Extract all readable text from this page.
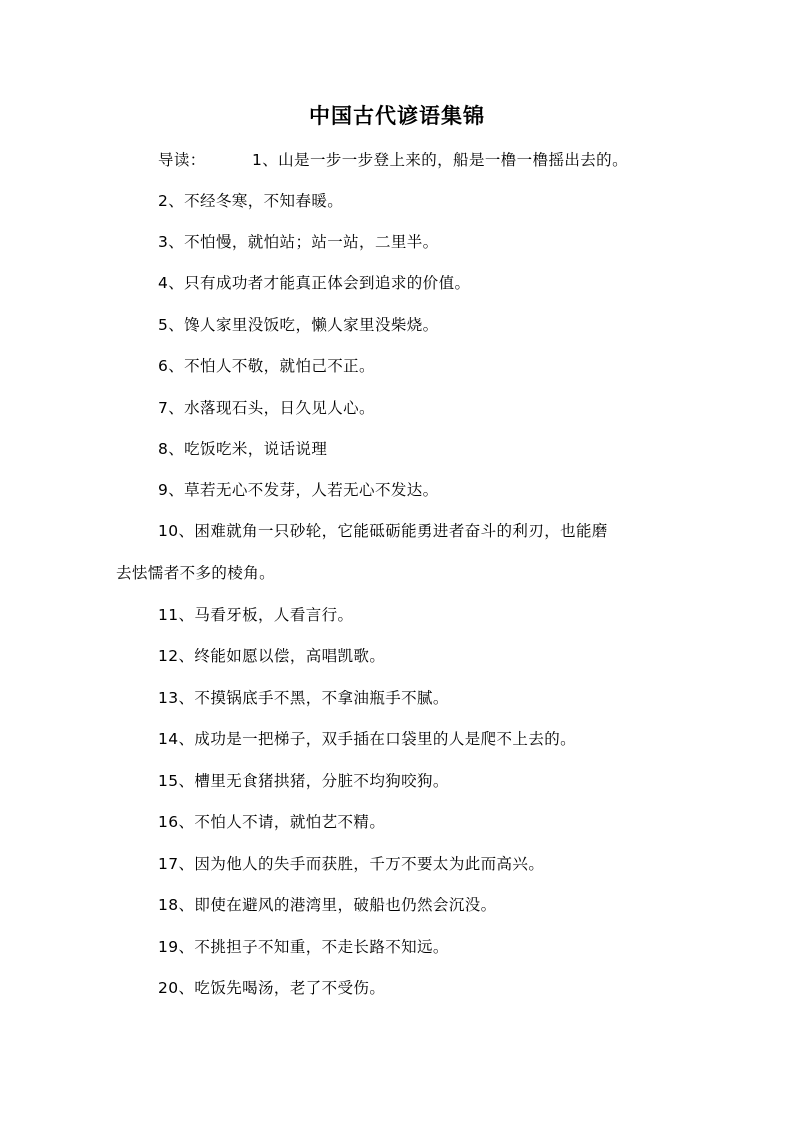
中国古代谚语集锦
导读：	1、山是一步一步登上来的，船是一橹一橹摇出去的。
2、不经冬寒，不知春暖。
3、不怕慢，就怕站；站一站，二里半。
4、只有成功者才能真正体会到追求的价值。
5、馋人家里没饭吃，懒人家里没柴烧。
6、不怕人不敬，就怕己不正。
7、水落现石头，日久见人心。
8、吃饭吃米，说话说理
9、草若无心不发芽，人若无心不发达。
10、困难就角一只砂轮，它能砥砺能勇进者奋斗的利刃，也能磨
去怯懦者不多的棱角。
11、马看牙板，人看言行。
12、终能如愿以偿，高唱凯歌。
13、不摸锅底手不黑，不拿油瓶手不腻。
14、成功是一把梯子，双手插在口袋里的人是爬不上去的。
15、槽里无食猪拱猪，分脏不均狗咬狗。
16、不怕人不请，就怕艺不精。
17、因为他人的失手而获胜，千万不要太为此而高兴。
18、即使在避风的港湾里，破船也仍然会沉没。
19、不挑担子不知重，不走长路不知远。
20、吃饭先喝汤，老了不受伤。
